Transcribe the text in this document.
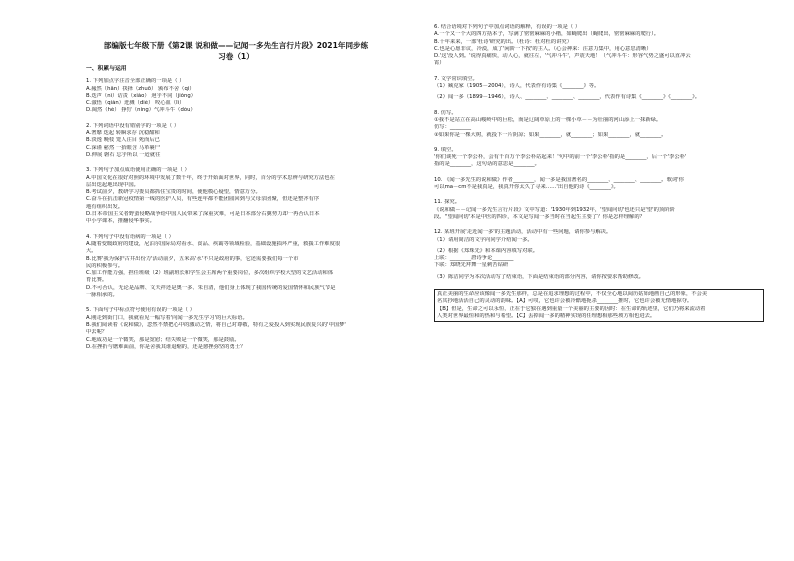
部编版七年级下册《第2课 说和做——记闻一多先生言行片段》2021年同步练
习卷（1）
一、积累与运用
1. 下列加点字注音全部正确的一项是（ ）
A.赧然（hǎn）抉择（zhuō） 颁布不舍（qì）
B.迭声（nì）诘责（xiào） 迥乎不同（jiǒng）
C.澈悟（qián）迸溅（diè） 咬心血（lì）
D.阔然（hè） 狰狞（níng）气冲斗牛（dòu）
2. 下列词语中没有错别字的一项是（ ）
A.奢靡 迭起 转瞬求存 沉稳酣和
B.淡逸 晚枝 笼人注目 死而后已
C.深谨 慈然 一抬眼含 马革裹尸
D.伸展 磐石 忘乎所以 一迨就往
3. 下列句子加点成语使用正确的一项是（ ）
A.中国文化在很好对照的环境中发展了数千年，终于开始面对世界，同时，百分的学术思辨与研究方法也在
层出迭起地出现中国。
B.考试前夕，教研学习委员都抓住宝贵的时间，使他模心疑望，情意万分。
C.奋斗在抗击新冠疫情第一线的医护人员，有些连年都不能团圆回到与父母亲团聚，但还是整齐有序
地有组织出发。
D.日本帝国主义者野蛮侵略战争给中国人民带来了深重灾难，可是日本部分右翼势力却一再否认日本
中小学课本，推翻侵华事实。
4. 下列句子中没有语病的一项是（ ）
A.随着变暖政府的建设，尼泊尔国际局对看水、食品、疾霸等领域检验，基础设施损坏严重，救援工作难度很
大。
B.比赛'我为保护古井出份力'活动前夕，五米高'水'不只是政府的事，它还需要我们每一个市
民的积极参与。
C.加工作能力强，担任班级（2）班副班长和学生会主席两个重要岗位，多次组织学校大型的文艺活动和体
育比赛。
D.不可否认，无论是品牌、文天祥还是奥一多、朱自清，他们身上体现了我国传统的爱国情怀和民族气节是
一脉相承的。
5. 下面句子中标点符号使用有误的一项是（ ）
A.刚走到街门口，我就看见一幅写着'向闻一多先生学习'的巨大标语。
B.我们阅读着《说和做》，忽然不禁把心中的激动之情，将自己对尊敬，特有之爱投入到实现民族复兴的'中国梦'
中去呢？
C.地成功是一个微笑，那是宽慰；结失败是一个微笑，那是鼓励。
D.在挫折与磨难面前，你是舍我其谁退缩的，还是愈挫弥坚的勇士？
6. 结合语境对下列句子中加点词语的解释，有误的一项是（ ）
A.一个又一个大的四方括本子，写满了密密麻麻的小楷，如蝇爬出（蝇爬出，密密麻麻的爬行）。
B.十年来来，一部'杜诗'研究的出。（杜诗：杜对杜的讲究）
C.也是心愿非议，冷漠，成了'闲阶一下按'的主人。（心会神来：注意力集中，用心意思清晰）
D.'这'没人到。'说得真痛快，动人心，就往左，'气冲斗牛'，声震天地！（气冲斗牛：形容气势之盛可以直冲云
霄）
7. 文学常识填空。
（1）臧克家（1905－2004），诗人，代表作有诗集《________》等。
（2）闻一多（1899－1946），诗人、________、________、________，代表作有诗集《________》《________》。
8. 仿写。
①我不是站立在高山峻岭中的巨松，而是辽阔草原上的一棵小草－－为壮丽的河山添上一抹新绿。
仿写：________
②如果你是一棵大树，就投下一片阴凉；如果________，就________；如果________，就________。
9. 填空。
'你们谈死一个李公朴，会有千百万个李公朴站起来！'句中的前一个'李公朴'指的是________，后一个'李公朴'
指的是________，这句话的意思是________。
10. 《闻一多先生的说和做》作者________，闻一多是我国著名的________、________、________。歌词'你
可以ma－cm不是我真是，我真开你太久了寻来……'出自他的诗《________》。
11. 探究。
《说和做－－记闻一多先生言行片段》文中写道：'1930年到1932年，'望闻问切'也还只是'望'的顶阶阶
段。''望闻问切'本是中医的四诊，本文是写闻一多当时在当起生主要了？你是怎样理解的？
12. 某班开展'走近闻一多'的主题活动，活动中有一些问题，请你参与解决。
（1）请用简洁的文字向同学介绍闻一多。
（2）根据《郑珠先》和本课内容填写对联。
上联：________唐诗争论________
下联：郑晓先拜舞一星刺苦钻研
（3）陈洁同学为本次活动写了结束语，下面是结束语的部分内容，请你按要求帮助修改。
真正美丽的生命应该像闻一多先生那样，总是在追求理想的过程中，不仅全心地以阅历姑始地画自己的形象，不会美
名其抄地活活自己的灵动的韵味。【A】可叹，它也许会被冷酷地扼杀________推时，它也许会被无情地掠夺。
【B】但是，生命之可以永恒，正在于它独在遇到重量一个美丽的主要的因时：在生命的轨迹里，它们乃将来流动着
人类对世界最恒和的热和与希望。【C】丢掉闻一多的精神实现的任理想相那些坡方相也进去。
